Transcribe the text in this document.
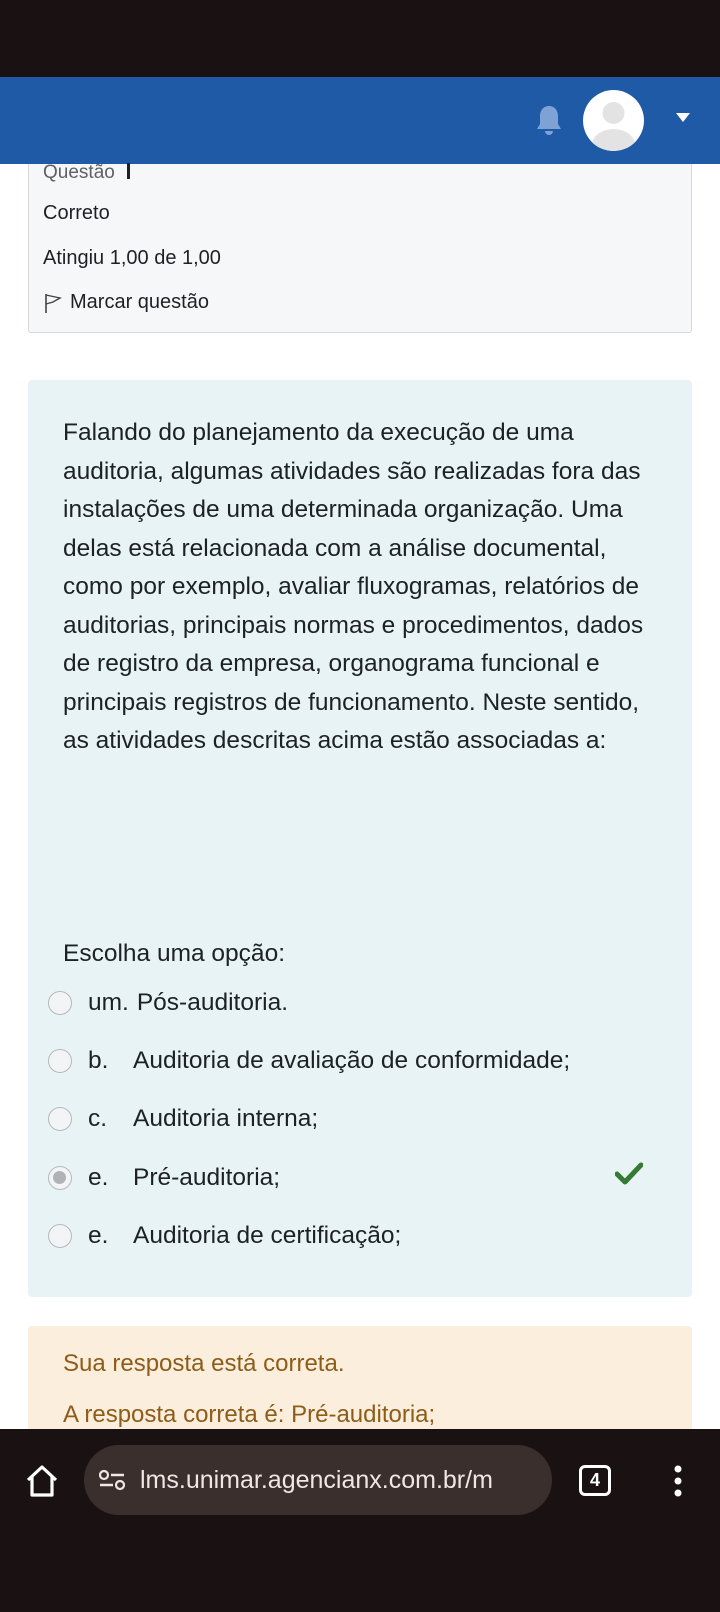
Questão
Correto
Atingiu 1,00 de 1,00
Marcar questão
Falando do planejamento da execução de uma auditoria, algumas atividades são realizadas fora das instalações de uma determinada organização. Uma delas está relacionada com a análise documental, como por exemplo, avaliar fluxogramas, relatórios de auditorias, principais normas e procedimentos, dados de registro da empresa, organograma funcional e principais registros de funcionamento. Neste sentido, as atividades descritas acima estão associadas a:
Escolha uma opção:
um. Pós-auditoria.
b.	Auditoria de avaliação de conformidade;
c.	Auditoria interna;
e.	Pré-auditoria;
e.	Auditoria de certificação;
Sua resposta está correta.
A resposta correta é: Pré-auditoria;
lms.unimar.agencianx.com.br/m	4
